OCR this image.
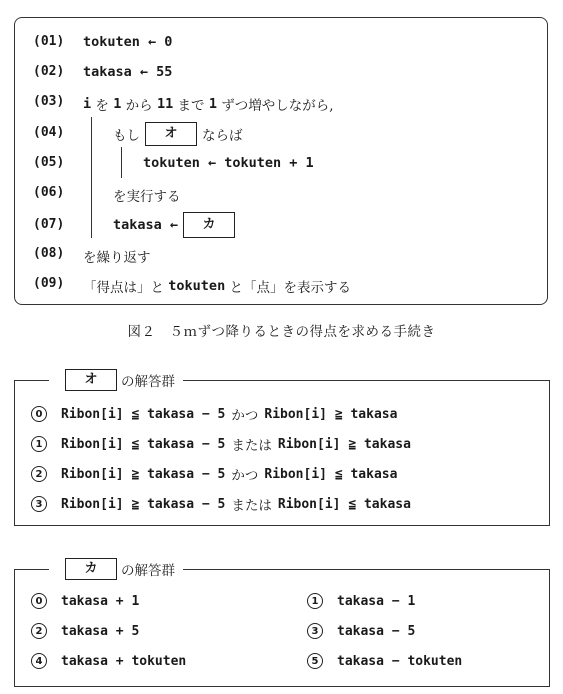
(01) tokuten ← 0
(02) takasa ← 55
(03) i を 1 から 11 まで 1 ずつ増やしながら,
(04)	もし	オ	ならば
(05)	tokuten ← tokuten + 1
(06)	を実行する
(07)	takasa ←	カ
(08) を繰り返す
(09) 「得点は」と tokuten と「点」を表示する
図２　５ｍずつ降りるときの得点を求める手続き
オ	の解答群
0	Ribon[i] ≦ takasa − 5 かつ Ribon[i] ≧ takasa
1	Ribon[i] ≦ takasa − 5 または Ribon[i] ≧ takasa
2	Ribon[i] ≧ takasa − 5 かつ Ribon[i] ≦ takasa
3	Ribon[i] ≧ takasa − 5 または Ribon[i] ≦ takasa
カ	の解答群
0	takasa + 1	1	takasa − 1
2	takasa + 5	3	takasa − 5
4	takasa + tokuten	5	takasa − tokuten
